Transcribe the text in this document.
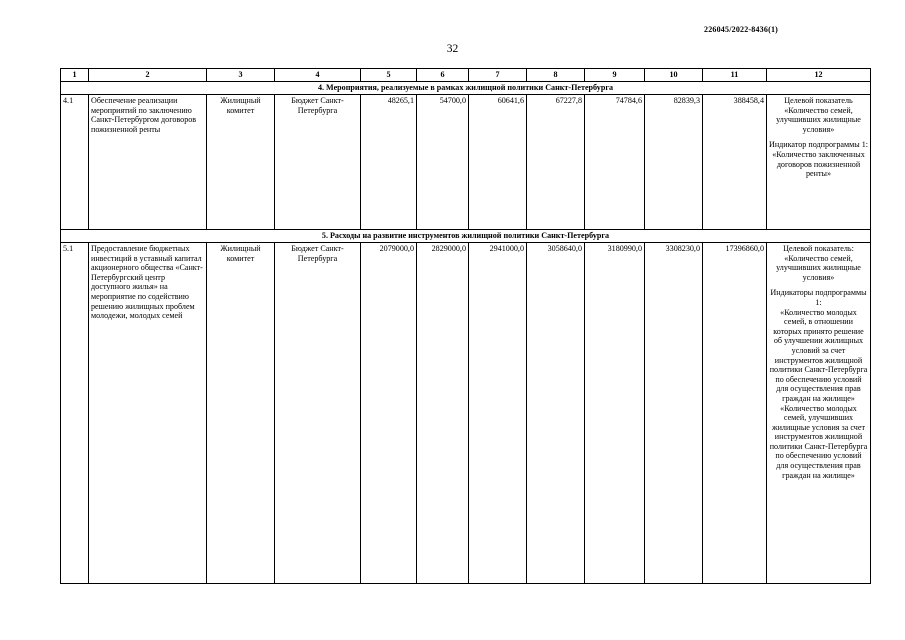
226045/2022-8436(1)
32
1	2	3	4	5	6	7	8	9	10	11	12
4. Мероприятия, реализуемые в рамках жилищной политики Санкт-Петербурга											
4.1	Обеспечение реализации мероприятий по заключению Санкт-Петербургом договоров пожизненной ренты	Жилищный комитет	Бюджет Санкт-Петербурга	48265,1	54700,0	60641,6	67227,8	74784,6	82839,3	388458,4	Целевой показатель «Количество семей, улучшивших жилищные условия»
Индикатор подпрограммы 1: «Количество заключенных договоров пожизненной ренты»

5. Расходы на развитие инструментов жилищной политики Санкт-Петербурга											
5.1	Предоставление бюджетных инвестиций в уставный капитал акционерного общества «Санкт-Петербургский центр доступного жилья» на мероприятие по содействию решению жилищных проблем молодежи, молодых семей	Жилищный комитет	Бюджет Санкт-Петербурга	2079000,0	2829000,0	2941000,0	3058640,0	3180990,0	3308230,0	17396860,0	Целевой показатель: «Количество семей, улучшивших жилищные условия»
Индикаторы подпрограммы 1:
«Количество молодых семей, в отношении которых принято решение об улучшении жилищных условий за счет инструментов жилищной политики Санкт-Петербурга по обеспечению условий для осуществления прав граждан на жилище»
«Количество молодых семей, улучшивших жилищные условия за счет инструментов жилищной политики Санкт-Петербурга по обеспечению условий для осуществления прав граждан на жилище»
